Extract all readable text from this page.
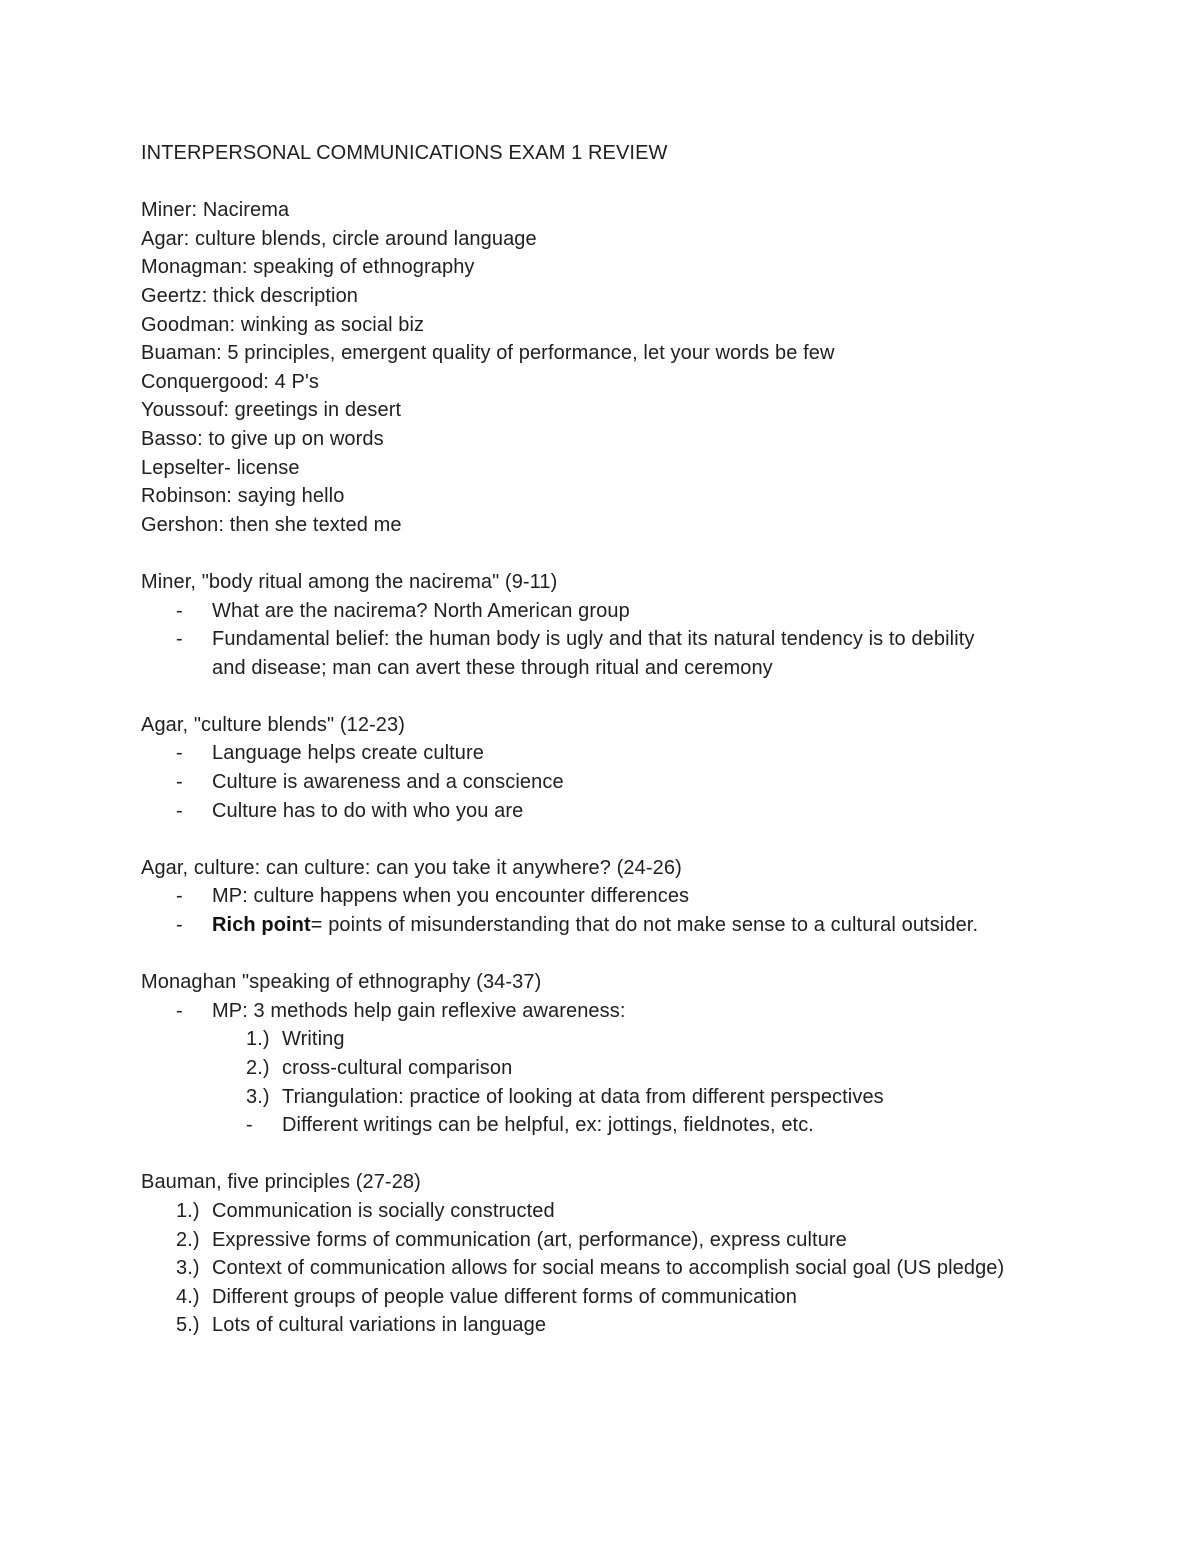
INTERPERSONAL COMMUNICATIONS EXAM 1 REVIEW
Miner: Nacirema
Agar: culture blends, circle around language
Monagman: speaking of ethnography
Geertz: thick description
Goodman: winking as social biz
Buaman: 5 principles, emergent quality of performance, let your words be few
Conquergood: 4 P's
Youssouf: greetings in desert
Basso: to give up on words
Lepselter- license
Robinson: saying hello
Gershon: then she texted me
Miner, "body ritual among the nacirema" (9-11)
- What are the nacirema? North American group
- Fundamental belief: the human body is ugly and that its natural tendency is to debility
and disease; man can avert these through ritual and ceremony
Agar, "culture blends" (12-23)
- Language helps create culture
- Culture is awareness and a conscience
- Culture has to do with who you are
Agar, culture: can culture: can you take it anywhere? (24-26)
- MP: culture happens when you encounter differences
- Rich point= points of misunderstanding that do not make sense to a cultural outsider.
Monaghan "speaking of ethnography (34-37)
- MP: 3 methods help gain reflexive awareness:
1.) Writing
2.) cross-cultural comparison
3.) Triangulation: practice of looking at data from different perspectives
- Different writings can be helpful, ex: jottings, fieldnotes, etc.
Bauman, five principles (27-28)
1.) Communication is socially constructed
2.) Expressive forms of communication (art, performance), express culture
3.) Context of communication allows for social means to accomplish social goal (US pledge)
4.) Different groups of people value different forms of communication
5.) Lots of cultural variations in language
